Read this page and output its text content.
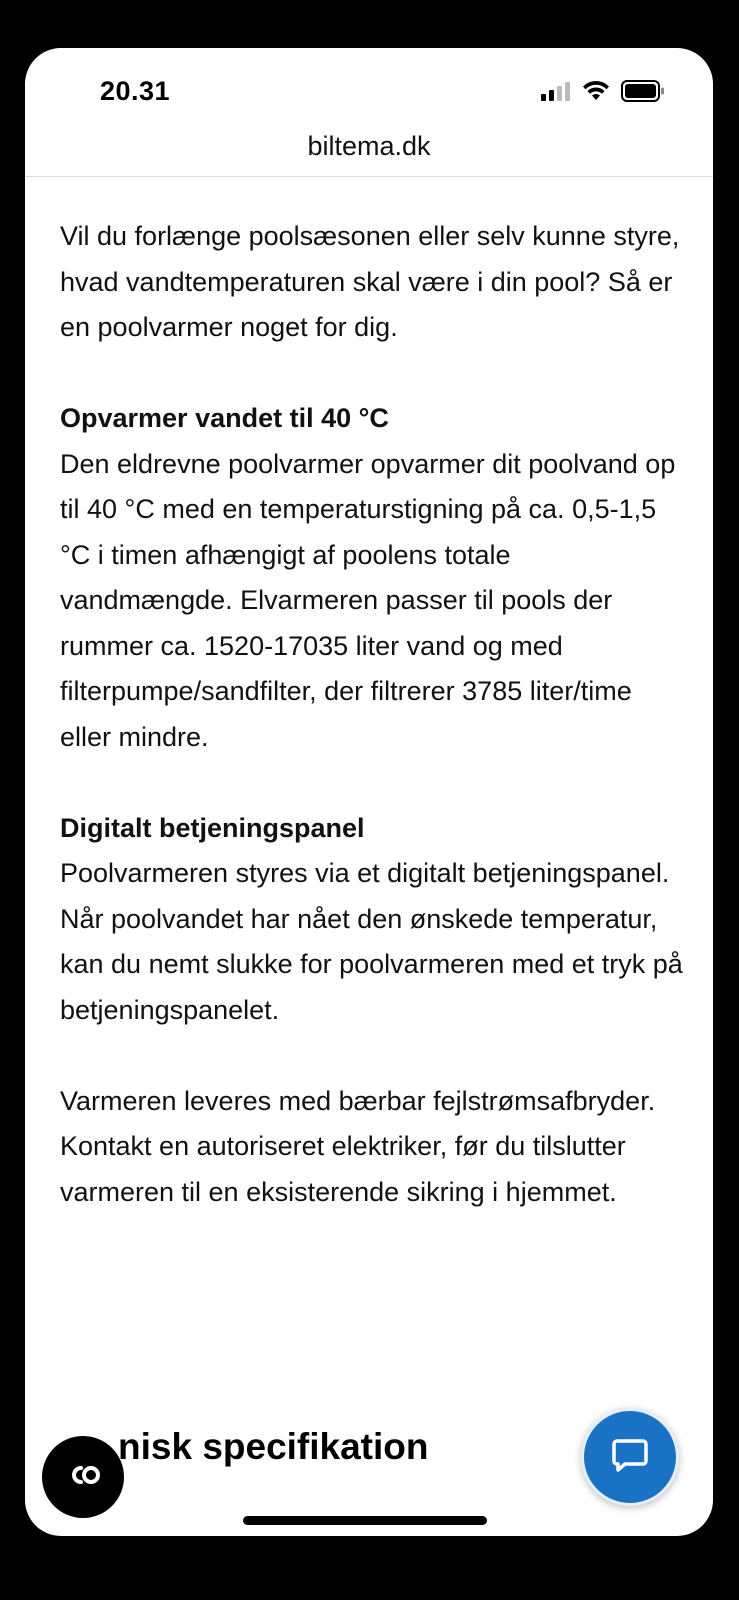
20.31
biltema.dk

Vil du forlænge poolsæsonen eller selv kunne styre, hvad vandtemperaturen skal være i din pool? Så er en poolvarmer noget for dig.

Opvarmer vandet til 40 °C
Den eldrevne poolvarmer opvarmer dit poolvand op til 40 °C med en temperaturstigning på ca. 0,5-1,5 °C i timen afhængigt af poolens totale vandmængde. Elvarmeren passer til pools der rummer ca. 1520-17035 liter vand og med filterpumpe/sandfilter, der filtrerer 3785 liter/time eller mindre.

Digitalt betjeningspanel
Poolvarmeren styres via et digitalt betjeningspanel. Når poolvandet har nået den ønskede temperatur, kan du nemt slukke for poolvarmeren med et tryk på betjeningspanelet.

Varmeren leveres med bærbar fejlstrømsafbryder. Kontakt en autoriseret elektriker, før du tilslutter varmeren til en eksisterende sikring i hjemmet.

nisk specifikation
